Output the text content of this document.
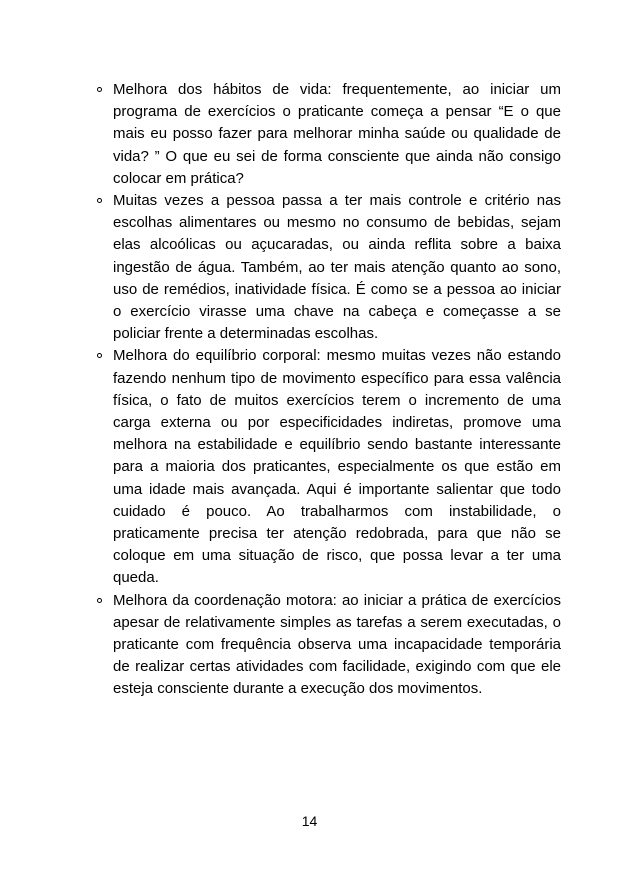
Melhora dos hábitos de vida: frequentemente, ao iniciar um programa de exercícios o praticante começa a pensar “E o que mais eu posso fazer para melhorar minha saúde ou qualidade de vida? ” O que eu sei de forma consciente que ainda não consigo colocar em prática?
Muitas vezes a pessoa passa a ter mais controle e critério nas escolhas alimentares ou mesmo no consumo de bebidas, sejam elas alcoólicas ou açucaradas, ou ainda reflita sobre a baixa ingestão de água. Também, ao ter mais atenção quanto ao sono, uso de remédios, inatividade física. É como se a pessoa ao iniciar o exercício virasse uma chave na cabeça e começasse a se policiar frente a determinadas escolhas.
Melhora do equilíbrio corporal: mesmo muitas vezes não estando fazendo nenhum tipo de movimento específico para essa valência física, o fato de muitos exercícios terem o incremento de uma carga externa ou por especificidades indiretas, promove uma melhora na estabilidade e equilíbrio sendo bastante interessante para a maioria dos praticantes, especialmente os que estão em uma idade mais avançada. Aqui é importante salientar que todo cuidado é pouco. Ao trabalharmos com instabilidade, o praticamente precisa ter atenção redobrada, para que não se coloque em uma situação de risco, que possa levar a ter uma queda.
Melhora da coordenação motora: ao iniciar a prática de exercícios apesar de relativamente simples as tarefas a serem executadas, o praticante com frequência observa uma incapacidade temporária de realizar certas atividades com facilidade, exigindo com que ele esteja consciente durante a execução dos movimentos.
14
